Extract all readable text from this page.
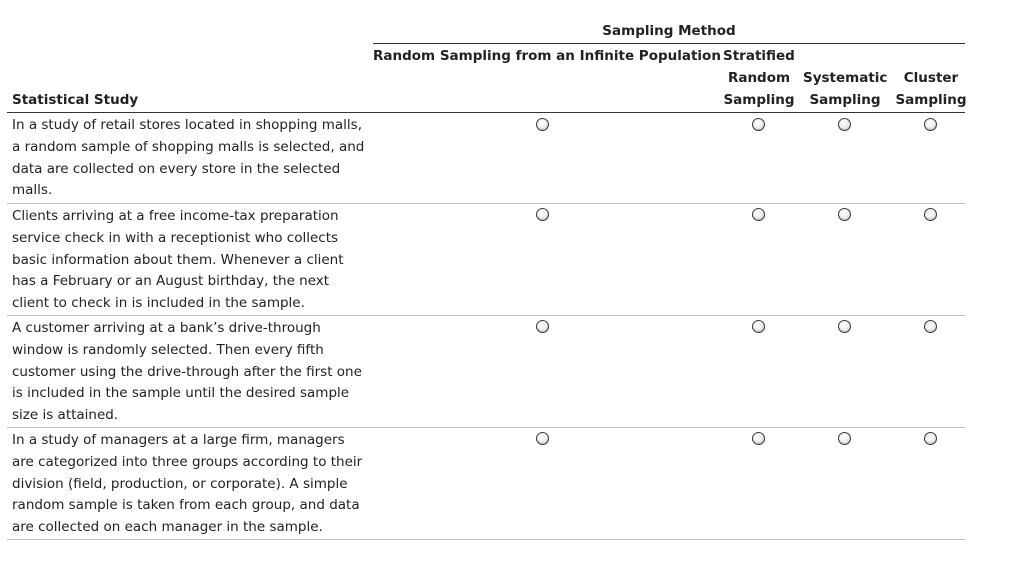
Sampling Method
Random Sampling from an Infinite Population Stratified
Random
Sampling
Systematic
Sampling
Cluster
Sampling
Statistical Study
In a study of retail stores located in shopping malls, a random sample of shopping malls is selected, and data are collected on every store in the selected malls.
Clients arriving at a free income-tax preparation service check in with a receptionist who collects basic information about them. Whenever a client has a February or an August birthday, the next client to check in is included in the sample.
A customer arriving at a bank’s drive-through window is randomly selected. Then every fifth customer using the drive-through after the first one is included in the sample until the desired sample size is attained.
In a study of managers at a large firm, managers are categorized into three groups according to their division (field, production, or corporate). A simple random sample is taken from each group, and data are collected on each manager in the sample.
